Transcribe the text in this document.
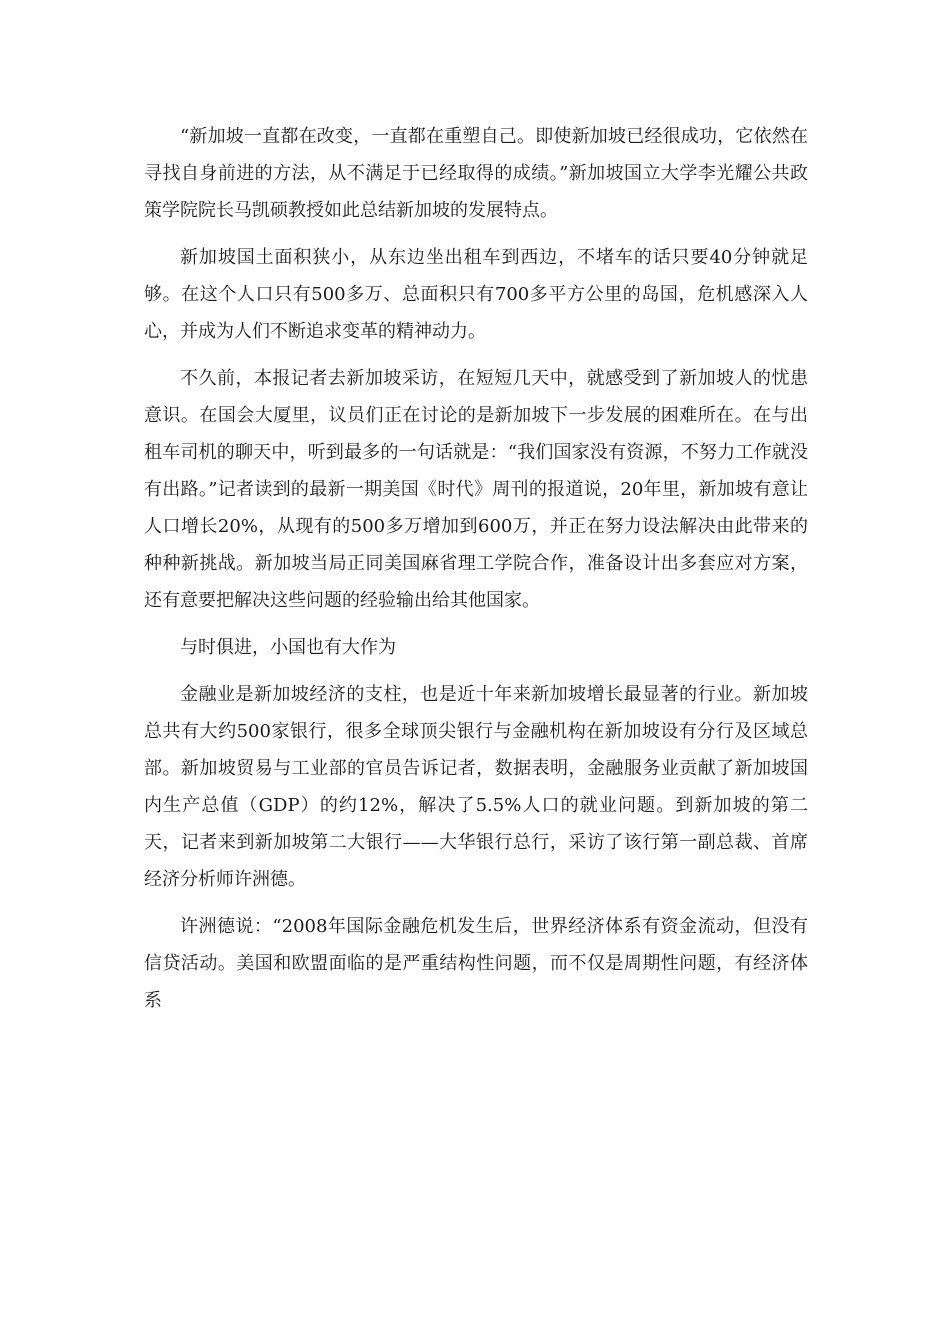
“新加坡一直都在改变，一直都在重塑自己。即使新加坡已经很成功，它依然在寻找自身前进的方法，从不满足于已经取得的成绩。”新加坡国立大学李光耀公共政策学院院长马凯硕教授如此总结新加坡的发展特点。

新加坡国土面积狭小，从东边坐出租车到西边，不堵车的话只要40分钟就足够。在这个人口只有500多万、总面积只有700多平方公里的岛国，危机感深入人心，并成为人们不断追求变革的精神动力。

不久前，本报记者去新加坡采访，在短短几天中，就感受到了新加坡人的忧患意识。在国会大厦里，议员们正在讨论的是新加坡下一步发展的困难所在。在与出租车司机的聊天中，听到最多的一句话就是：“我们国家没有资源，不努力工作就没有出路。”记者读到的最新一期美国《时代》周刊的报道说，20年里，新加坡有意让人口增长20%，从现有的500多万增加到600万，并正在努力设法解决由此带来的种种新挑战。新加坡当局正同美国麻省理工学院合作，准备设计出多套应对方案，还有意要把解决这些问题的经验输出给其他国家。

与时俱进，小国也有大作为

金融业是新加坡经济的支柱，也是近十年来新加坡增长最显著的行业。新加坡总共有大约500家银行，很多全球顶尖银行与金融机构在新加坡设有分行及区域总部。新加坡贸易与工业部的官员告诉记者，数据表明，金融服务业贡献了新加坡国内生产总值（GDP）的约12%，解决了5.5%人口的就业问题。到新加坡的第二天，记者来到新加坡第二大银行——大华银行总行，采访了该行第一副总裁、首席经济分析师许洲德。

许洲德说：“2008年国际金融危机发生后，世界经济体系有资金流动，但没有信贷活动。美国和欧盟面临的是严重结构性问题，而不仅是周期性问题，有经济体系
